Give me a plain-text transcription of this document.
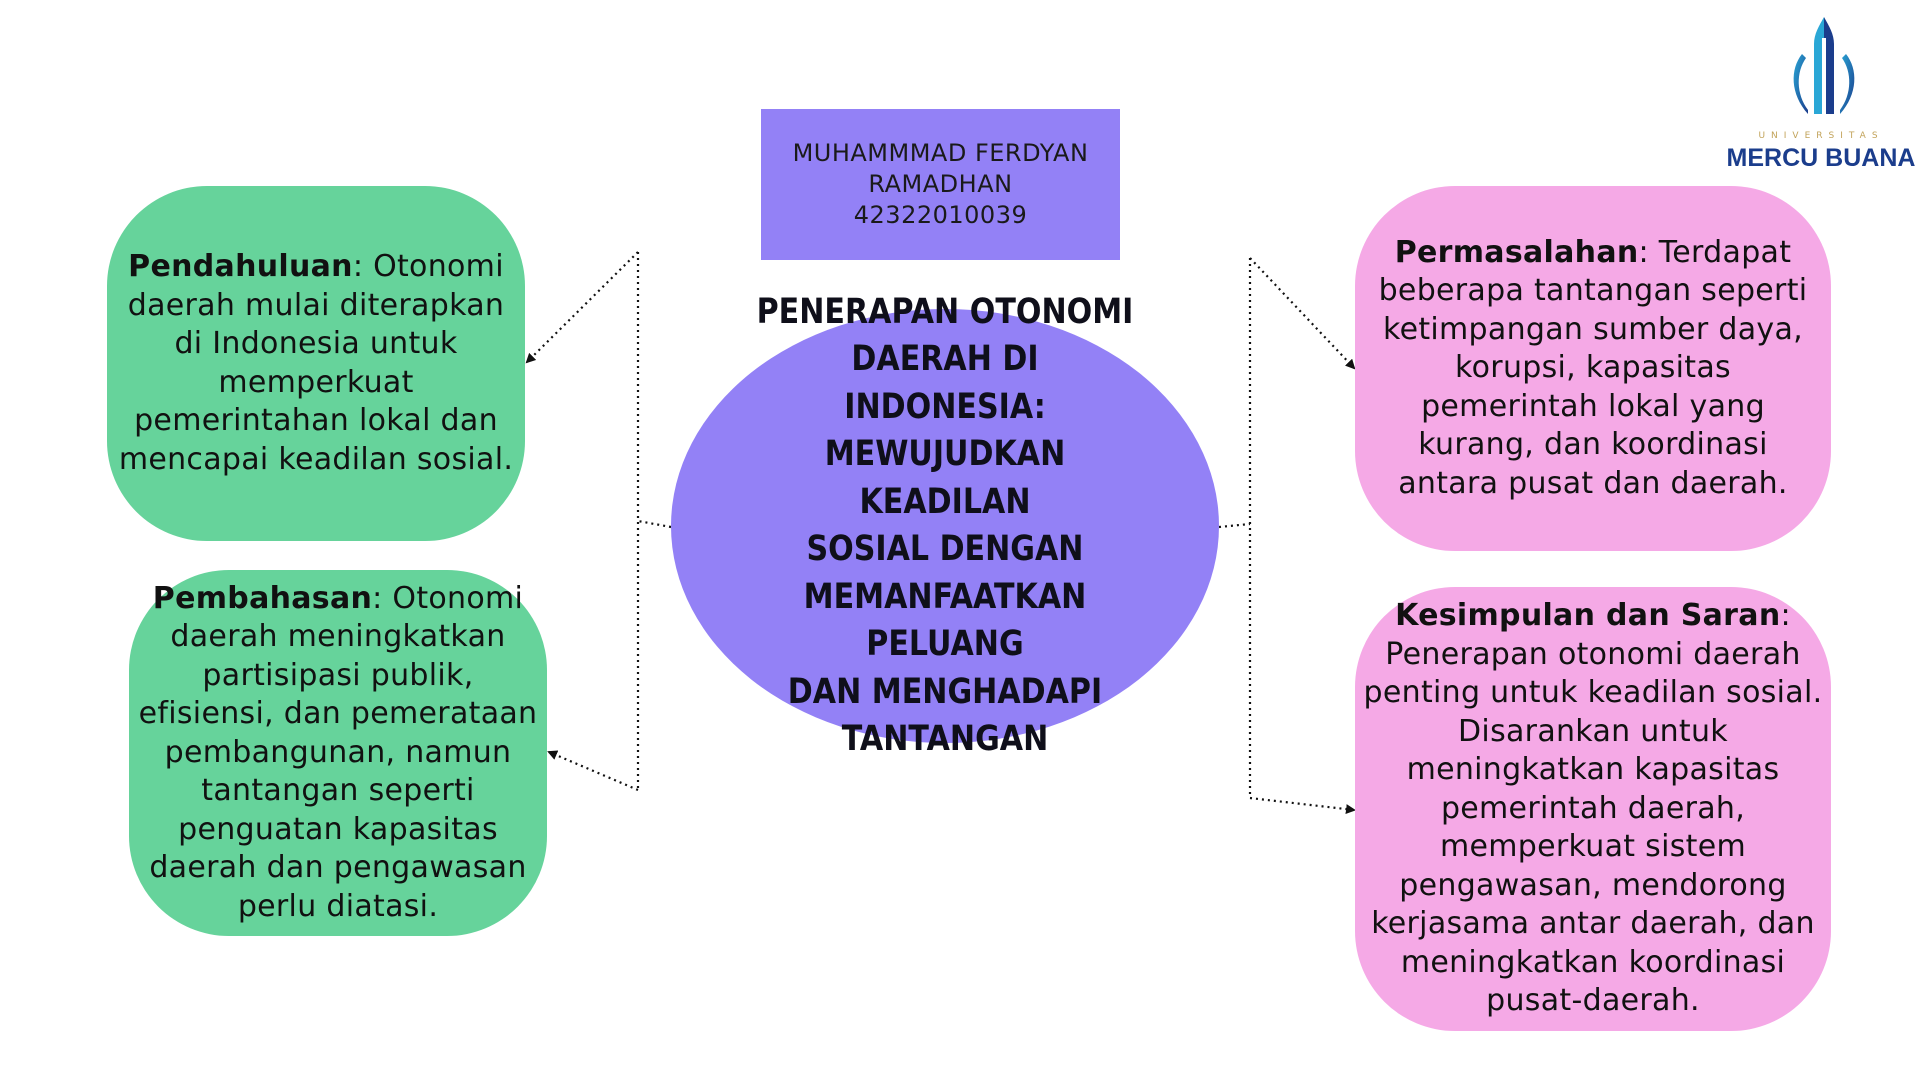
MUHAMMMAD FERDYAN
RAMADHAN
42322010039
PENERAPAN OTONOMI
DAERAH DI INDONESIA:
MEWUJUDKAN KEADILAN
SOSIAL DENGAN
MEMANFAATKAN PELUANG
DAN MENGHADAPI
TANTANGAN
Pendahuluan: Otonomi daerah mulai diterapkan di Indonesia untuk memperkuat pemerintahan lokal dan mencapai keadilan sosial.
Pembahasan: Otonomi daerah meningkatkan partisipasi publik, efisiensi, dan pemerataan pembangunan, namun tantangan seperti penguatan kapasitas daerah dan pengawasan perlu diatasi.
Permasalahan: Terdapat beberapa tantangan seperti ketimpangan sumber daya, korupsi, kapasitas pemerintah lokal yang kurang, dan koordinasi antara pusat dan daerah.
Kesimpulan dan Saran: Penerapan otonomi daerah penting untuk keadilan sosial. Disarankan untuk meningkatkan kapasitas pemerintah daerah, memperkuat sistem pengawasan, mendorong kerjasama antar daerah, dan meningkatkan koordinasi pusat-daerah.
UNIVERSITAS
MERCU BUANA
